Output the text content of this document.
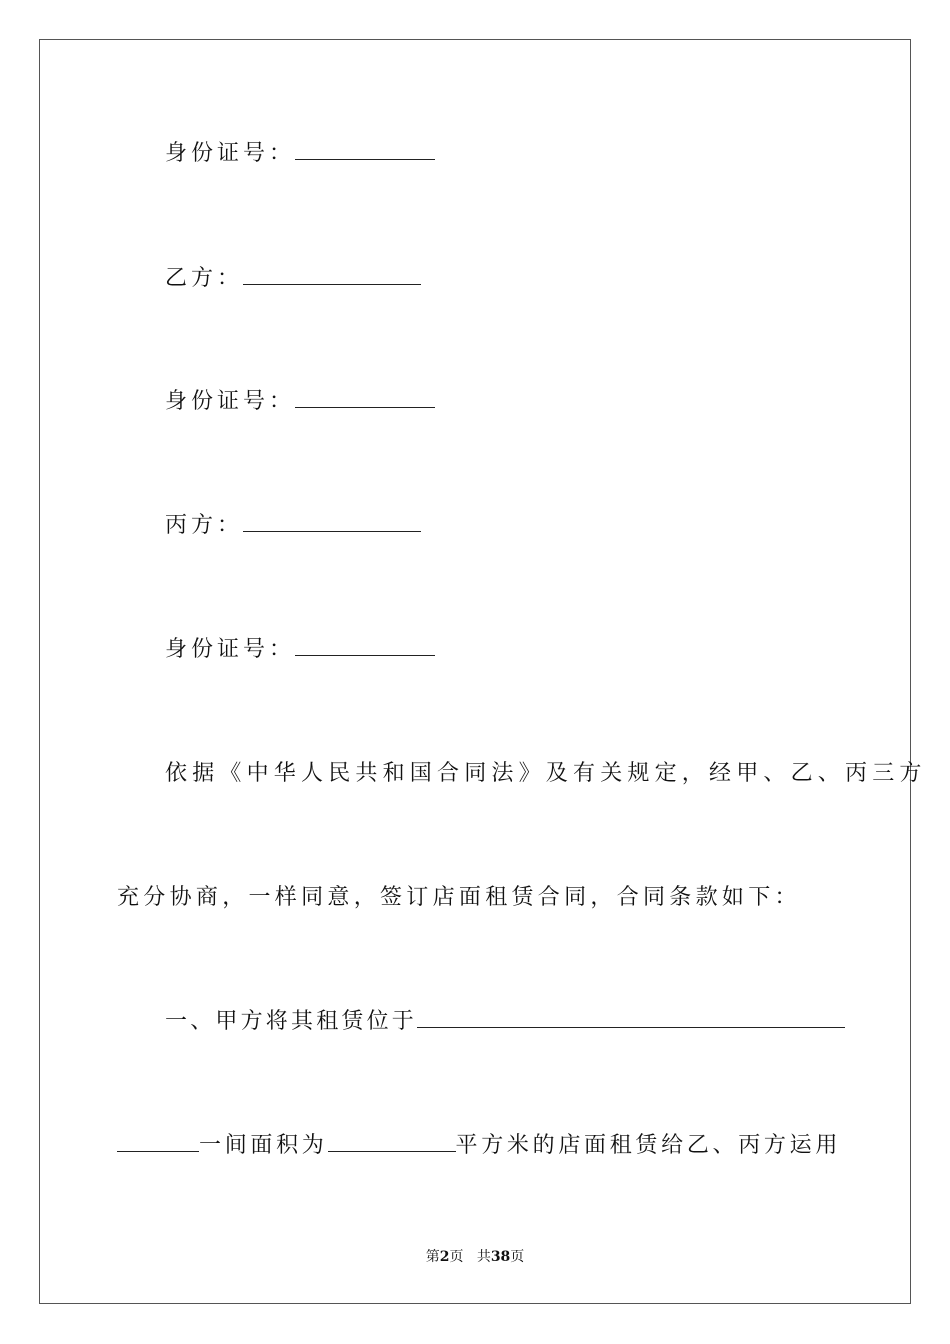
身份证号：
乙方：
身份证号：
丙方：
身份证号：
依据《中华人民共和国合同法》及有关规定，经甲、乙、丙三方
充分协商，一样同意，签订店面租赁合同，合同条款如下：
一、甲方将其租赁位于
一间面积为	平方米的店面租赁给乙、丙方运用
第2页 共38页
